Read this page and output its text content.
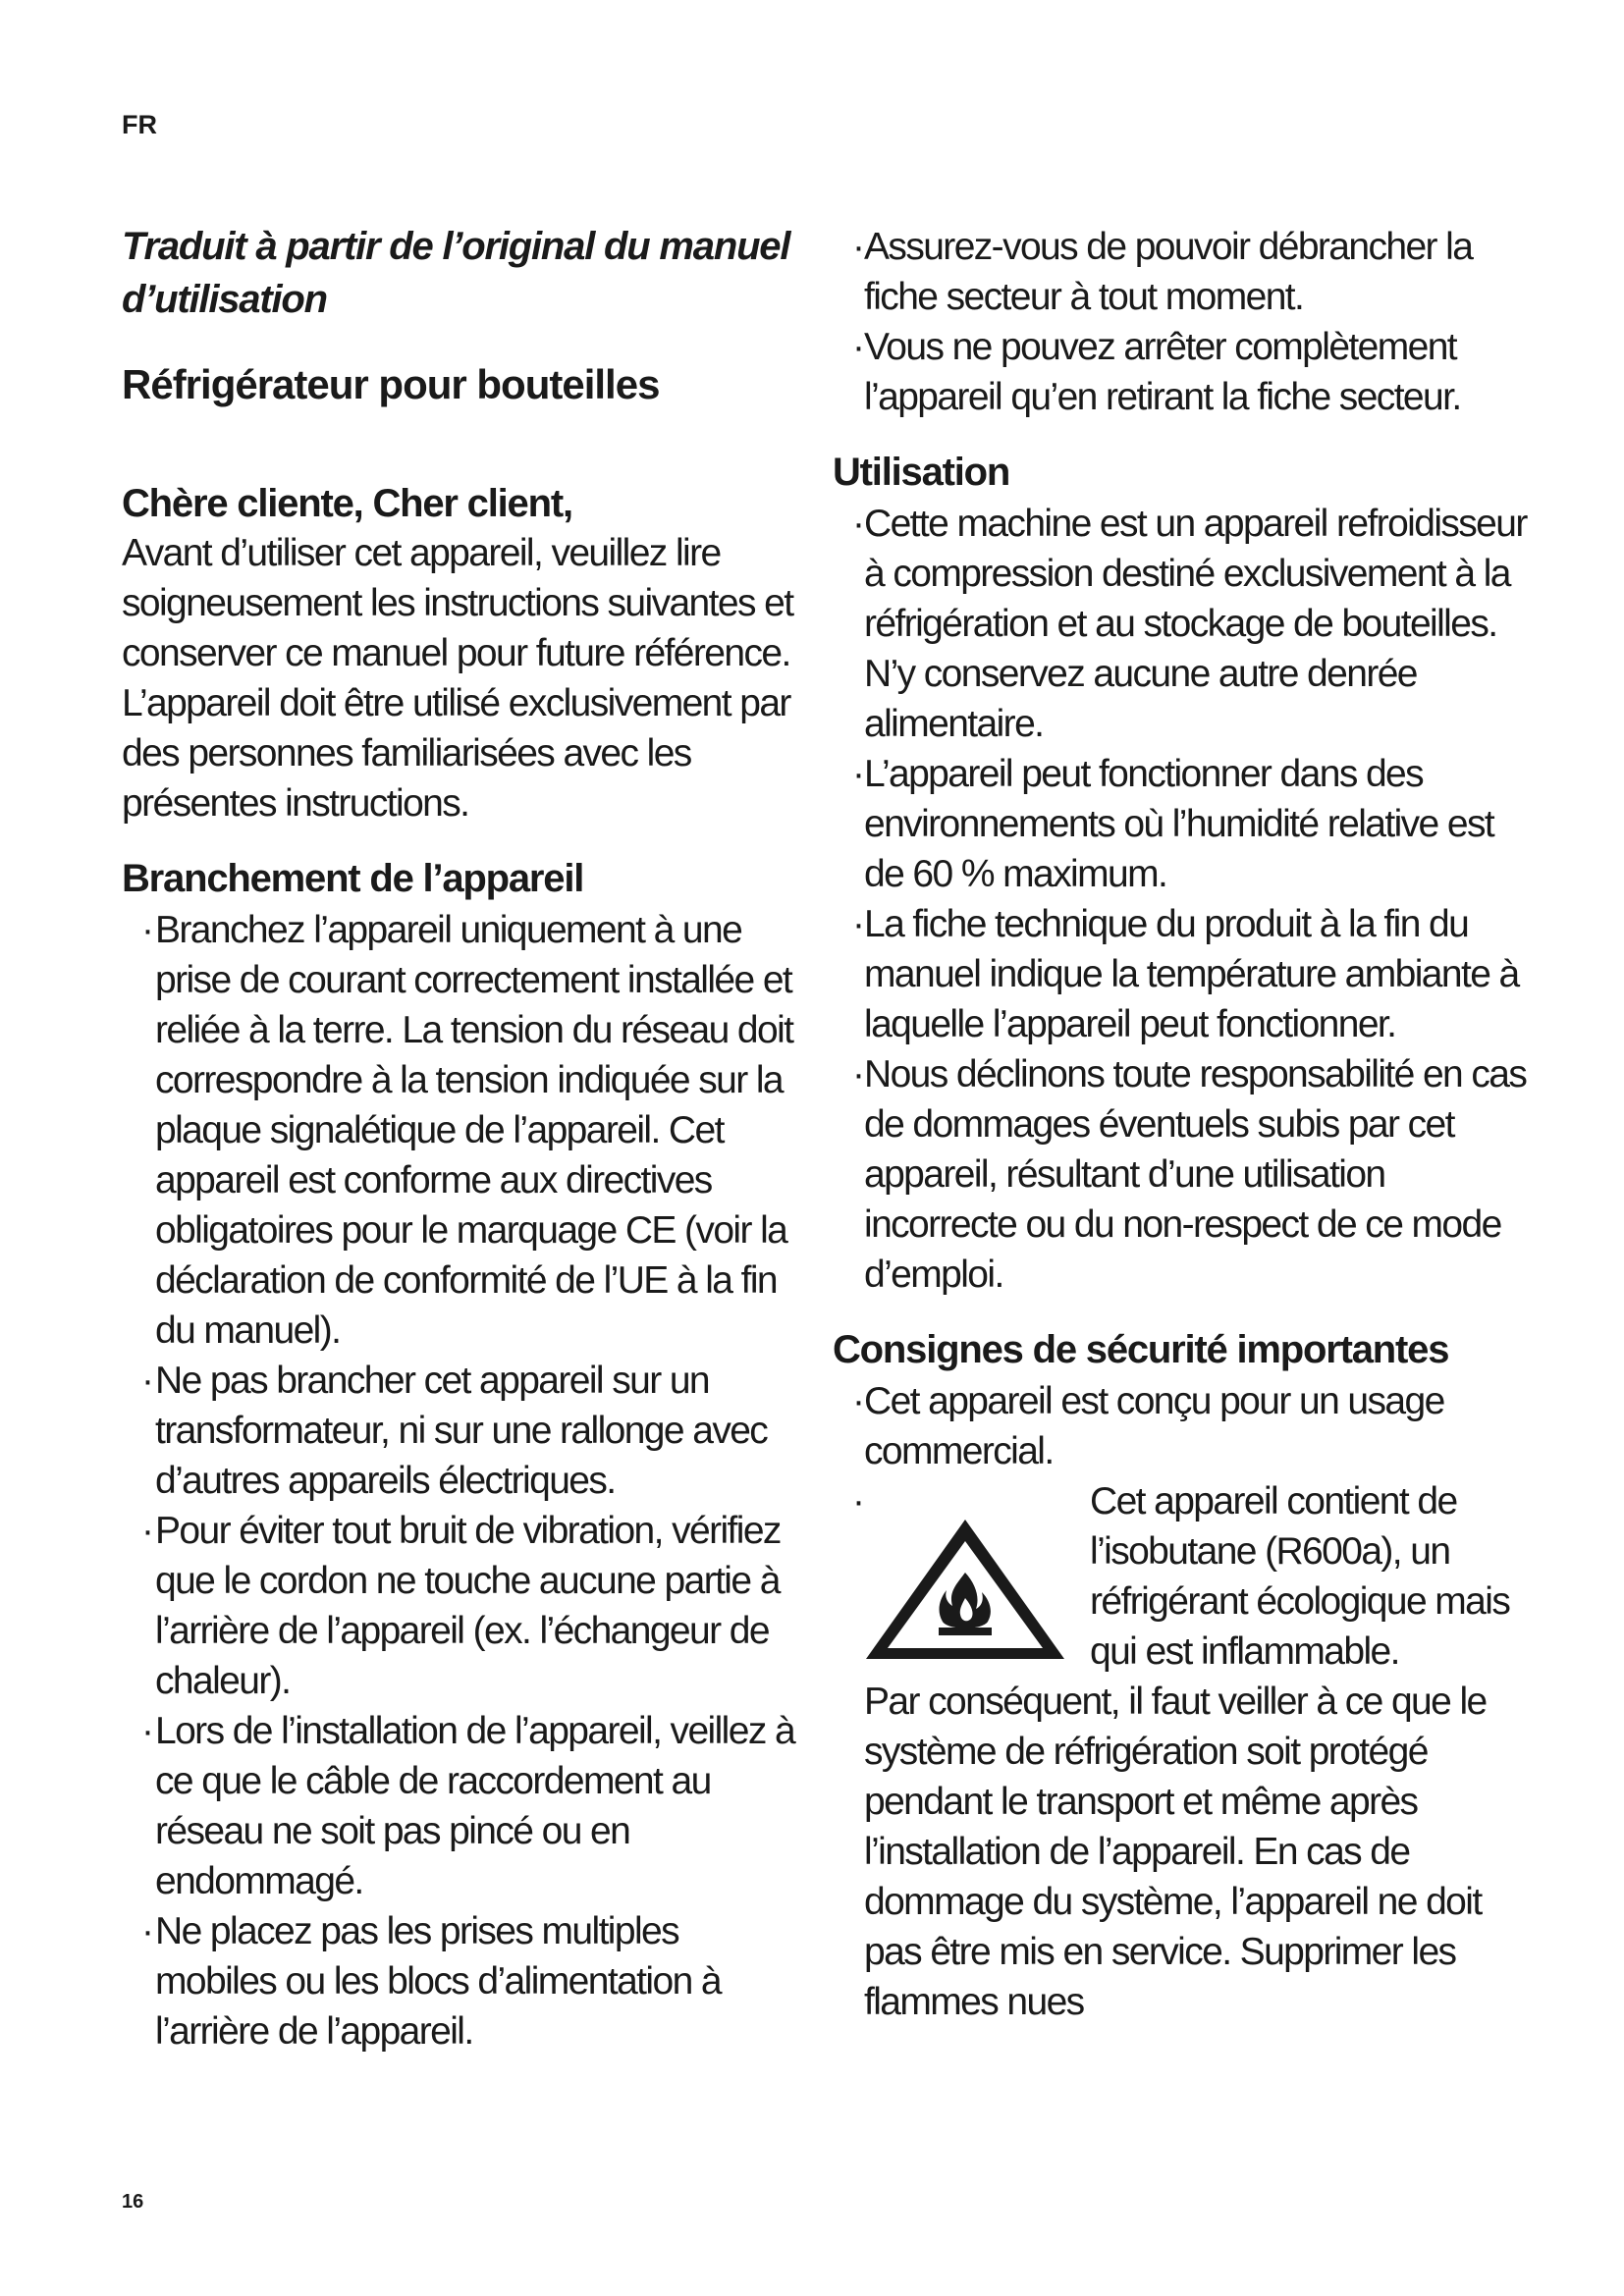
FR
Traduit à partir de l’original du manuel d’utilisation
Réfrigérateur pour bouteilles

Chère cliente, Cher client,

Avant d’utiliser cet appareil, veuillez lire soigneusement les instructions suivantes et conserver ce manuel pour future référence. L’appareil doit être utilisé exclusivement par des personnes familiarisées avec les présentes instructions.

Branchement de l’appareil
· Branchez l’appareil uniquement à une prise de courant correctement installée et reliée à la terre. La tension du réseau doit correspondre à la tension indiquée sur la plaque signalétique de l’appareil. Cet appareil est conforme aux directives obligatoires pour le marquage CE (voir la déclaration de conformité de l’UE à la fin du manuel).
· Ne pas brancher cet appareil sur un transformateur, ni sur une rallonge avec d’autres appareils électriques.
· Pour éviter tout bruit de vibration, vérifiez que le cordon ne touche aucune partie à l’arrière de l’appareil (ex. l’échangeur de chaleur).
· Lors de l’installation de l’appareil, veillez à ce que le câble de raccordement au réseau ne soit pas pincé ou en endommagé.
· Ne placez pas les prises multiples mobiles ou les blocs d’alimentation à l’arrière de l’appareil.
· Assurez-vous de pouvoir débrancher la fiche secteur à tout moment.
· Vous ne pouvez arrêter complètement l’appareil qu’en retirant la fiche secteur.
Utilisation
· Cette machine est un appareil refroidisseur à compression destiné exclusivement à la réfrigération et au stockage de bouteilles. N’y conservez aucune autre denrée alimentaire.
· L’appareil peut fonctionner dans des environnements où l’humidité relative est de 60 % maximum.
· La fiche technique du produit à la fin du manuel indique la température ambiante à laquelle l’appareil peut fonctionner.
· Nous déclinons toute responsabilité en cas de dommages éventuels subis par cet appareil, résultant d’une utilisation incorrecte ou du non-respect de ce mode d’emploi.
Consignes de sécurité importantes
· Cet appareil est conçu pour un usage commercial.
·	Cet appareil contient de l’isobutane (R600a), un réfrigérant écologique mais qui est inflammable.

Par conséquent, il faut veiller à ce que le système de réfrigération soit protégé pendant le transport et même après l’installation de l’appareil. En cas de dommage du système, l’appareil ne doit pas être mis en service. Supprimer les flammes nues

16
